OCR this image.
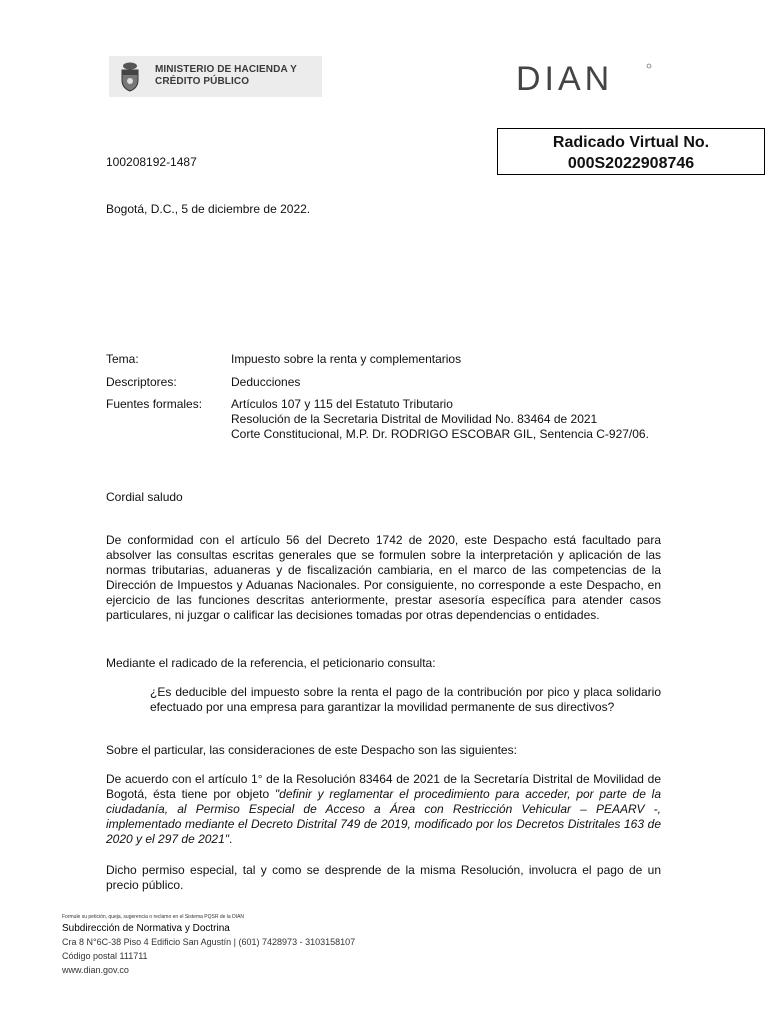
MINISTERIO DE HACIENDA Y
CRÉDITO PÚBLICO	DIAN
Radicado Virtual No.
000S2022908746
100208192-1487
Bogotá, D.C., 5 de diciembre de 2022.
Tema:	Impuesto sobre la renta y complementarios
Descriptores:	Deducciones
Fuentes formales: Artículos 107 y 115 del Estatuto Tributario
Resolución de la Secretaria Distrital de Movilidad No. 83464 de 2021
Corte Constitucional, M.P. Dr. RODRIGO ESCOBAR GIL, Sentencia C-927/06.
Cordial saludo
De conformidad con el artículo 56 del Decreto 1742 de 2020, este Despacho está facultado para absolver las consultas escritas generales que se formulen sobre la interpretación y aplicación de las normas tributarias, aduaneras y de fiscalización cambiaria, en el marco de las competencias de la Dirección de Impuestos y Aduanas Nacionales. Por consiguiente, no corresponde a este Despacho, en ejercicio de las funciones descritas anteriormente, prestar asesoría específica para atender casos particulares, ni juzgar o calificar las decisiones tomadas por otras dependencias o entidades.
Mediante el radicado de la referencia, el peticionario consulta:
¿Es deducible del impuesto sobre la renta el pago de la contribución por pico y placa solidario efectuado por una empresa para garantizar la movilidad permanente de sus directivos?
Sobre el particular, las consideraciones de este Despacho son las siguientes:
De acuerdo con el artículo 1° de la Resolución 83464 de 2021 de la Secretaría Distrital de Movilidad de Bogotá, ésta tiene por objeto "definir y reglamentar el procedimiento para acceder, por parte de la ciudadanía, al Permiso Especial de Acceso a Área con Restricción Vehicular – PEAARV -, implementado mediante el Decreto Distrital 749 de 2019, modificado por los Decretos Distritales 163 de 2020 y el 297 de 2021".
Dicho permiso especial, tal y como se desprende de la misma Resolución, involucra el pago de un precio público.
Formule su petición, queja, sugerencia o reclamo en el Sistema PQSR de la DIAN
Subdirección de Normativa y Doctrina
Cra 8 N°6C-38 Piso 4 Edificio San Agustín | (601) 7428973 - 3103158107
Código postal 111711
www.dian.gov.co
